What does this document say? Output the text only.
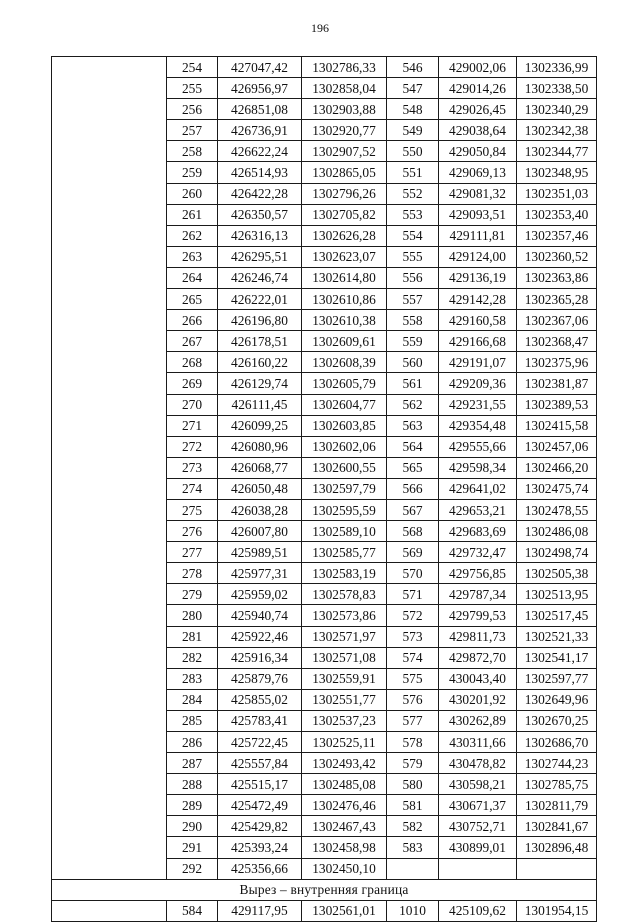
196
	254	427047,42	1302786,33	546	429002,06	1302336,99
	255	426956,97	1302858,04	547	429014,26	1302338,50
	256	426851,08	1302903,88	548	429026,45	1302340,29
	257	426736,91	1302920,77	549	429038,64	1302342,38
	258	426622,24	1302907,52	550	429050,84	1302344,77
	259	426514,93	1302865,05	551	429069,13	1302348,95
	260	426422,28	1302796,26	552	429081,32	1302351,03
	261	426350,57	1302705,82	553	429093,51	1302353,40
	262	426316,13	1302626,28	554	429111,81	1302357,46
	263	426295,51	1302623,07	555	429124,00	1302360,52
	264	426246,74	1302614,80	556	429136,19	1302363,86
	265	426222,01	1302610,86	557	429142,28	1302365,28
	266	426196,80	1302610,38	558	429160,58	1302367,06
	267	426178,51	1302609,61	559	429166,68	1302368,47
	268	426160,22	1302608,39	560	429191,07	1302375,96
	269	426129,74	1302605,79	561	429209,36	1302381,87
	270	426111,45	1302604,77	562	429231,55	1302389,53
	271	426099,25	1302603,85	563	429354,48	1302415,58
	272	426080,96	1302602,06	564	429555,66	1302457,06
	273	426068,77	1302600,55	565	429598,34	1302466,20
	274	426050,48	1302597,79	566	429641,02	1302475,74
	275	426038,28	1302595,59	567	429653,21	1302478,55
	276	426007,80	1302589,10	568	429683,69	1302486,08
	277	425989,51	1302585,77	569	429732,47	1302498,74
	278	425977,31	1302583,19	570	429756,85	1302505,38
	279	425959,02	1302578,83	571	429787,34	1302513,95
	280	425940,74	1302573,86	572	429799,53	1302517,45
	281	425922,46	1302571,97	573	429811,73	1302521,33
	282	425916,34	1302571,08	574	429872,70	1302541,17
	283	425879,76	1302559,91	575	430043,40	1302597,77
	284	425855,02	1302551,77	576	430201,92	1302649,96
	285	425783,41	1302537,23	577	430262,89	1302670,25
	286	425722,45	1302525,11	578	430311,66	1302686,70
	287	425557,84	1302493,42	579	430478,82	1302744,23
	288	425515,17	1302485,08	580	430598,21	1302785,75
	289	425472,49	1302476,46	581	430671,37	1302811,79
	290	425429,82	1302467,43	582	430752,71	1302841,67
	291	425393,24	1302458,98	583	430899,01	1302896,48
	292	425356,66	1302450,10			
Вырез – внутренняя граница						
	584	429117,95	1302561,01	1010	425109,62	1301954,15
